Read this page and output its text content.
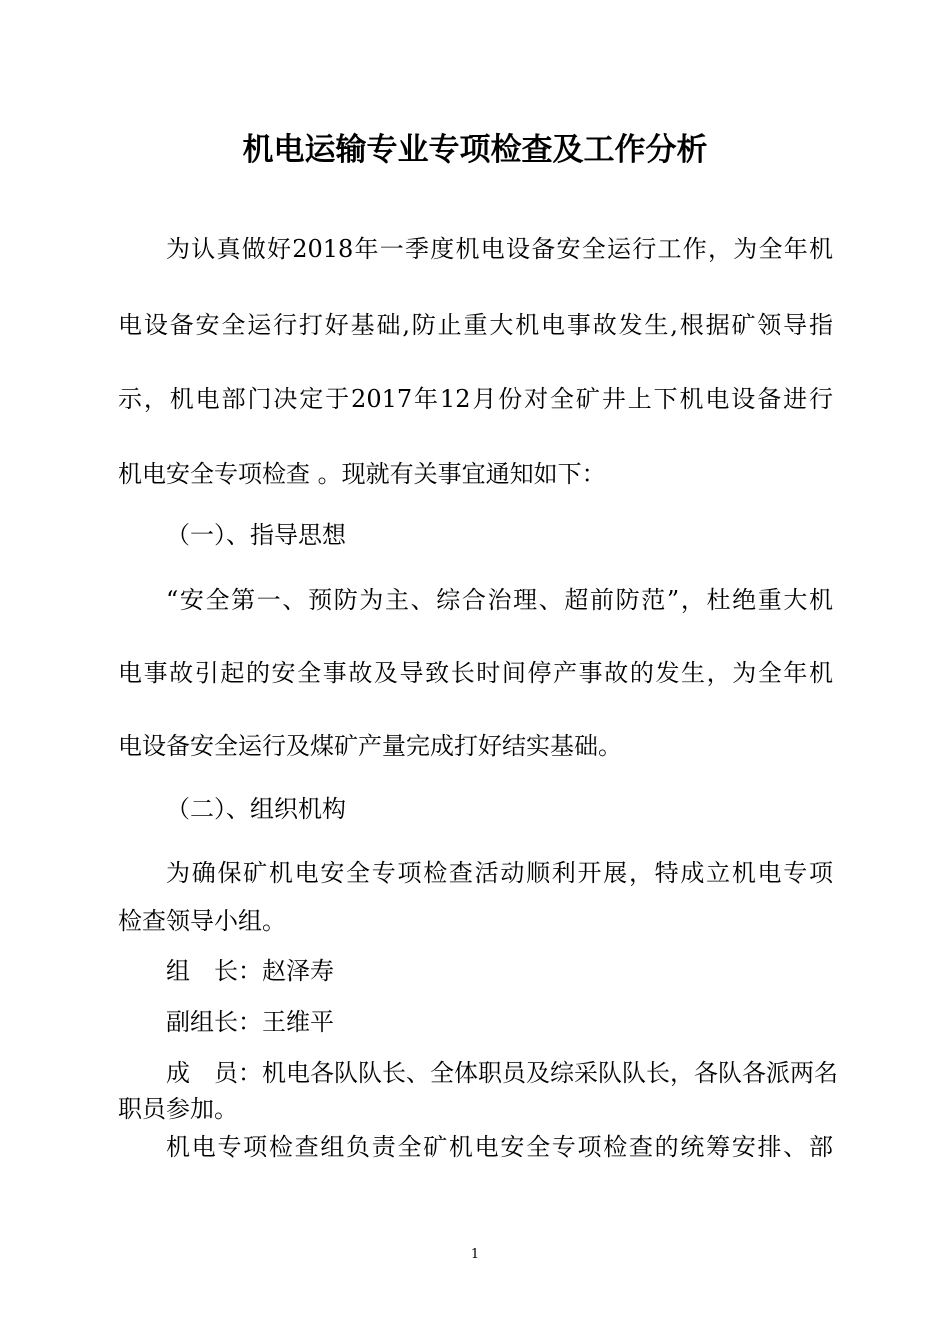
机电运输专业专项检查及工作分析
为认真做好2018年一季度机电设备安全运行工作，为全年机
电设备安全运行打好基础,防止重大机电事故发生,根据矿领导指
示，机电部门决定于2017年12月份对全矿井上下机电设备进行
机电安全专项检查 。现就有关事宜通知如下：
（一）、指导思想
“安全第一、预防为主、综合治理、超前防范”，杜绝重大机
电事故引起的安全事故及导致长时间停产事故的发生，为全年机
电设备安全运行及煤矿产量完成打好结实基础。
（二）、组织机构
为确保矿机电安全专项检查活动顺利开展，特成立机电专项
检查领导小组。
组　长：赵泽寿
副组长：王维平
成　员：机电各队队长、全体职员及综采队队长，各队各派两名
职员参加。
机电专项检查组负责全矿机电安全专项检查的统筹安排、部
1
